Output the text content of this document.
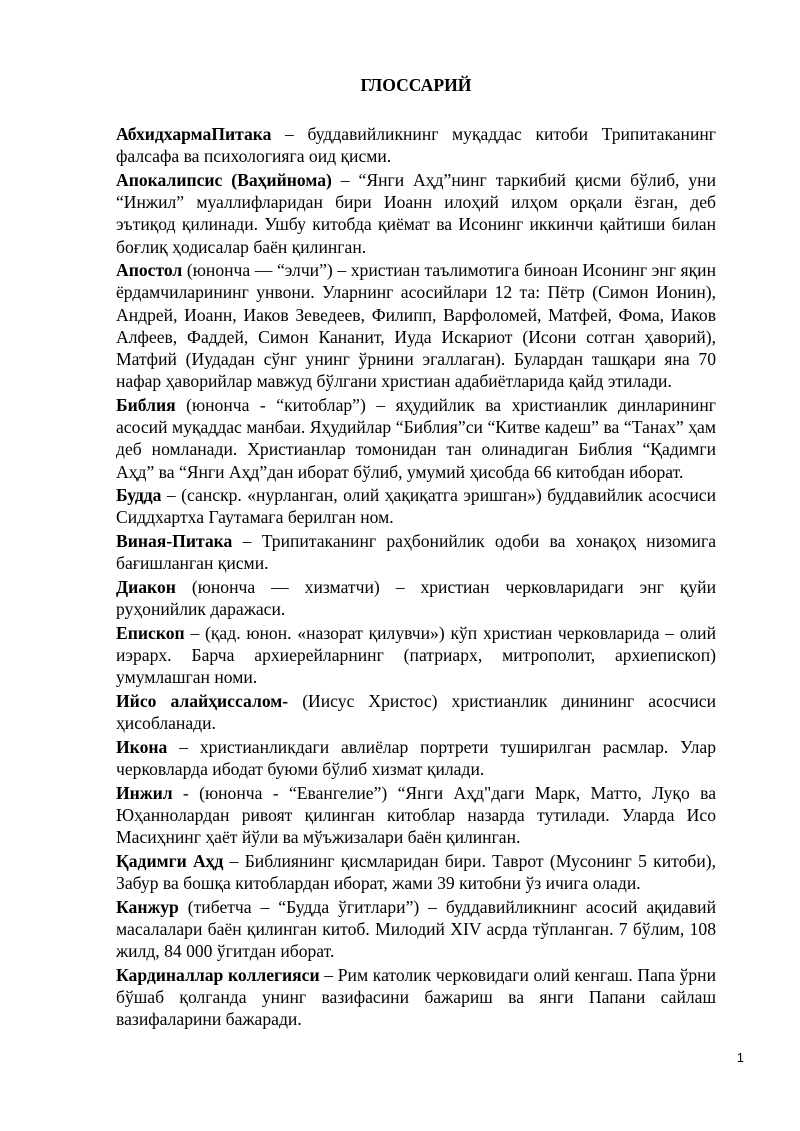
ГЛОССАРИЙ

АбхидхармаПитака – буддавийликнинг муқаддас китоби Трипитаканинг фалсафа ва психологияга оид қисми.

Апокалипсис (Ваҳийнома) – “Янги Аҳд”нинг таркибий қисми бўлиб, уни “Инжил” муаллифларидан бири Иоанн илоҳий илҳом орқали ёзган, деб эътиқод қилинади. Ушбу китобда қиёмат ва Исонинг иккинчи қайтиши билан боғлиқ ҳодисалар баён қилинган.

Апостол (юнонча — “элчи”) – христиан таълимотига биноан Исонинг энг яқин ёрдамчиларининг унвони. Уларнинг асосийлари 12 та: Пётр (Симон Ионин), Андрей, Иоанн, Иаков Зеведеев, Филипп, Варфоломей, Матфей, Фома, Иаков Алфеев, Фаддей, Симон Кананит, Иуда Искариот (Исони сотган ҳаворий), Матфий (Иудадан сўнг унинг ўрнини эгаллаган). Булардан ташқари яна 70 нафар ҳаворийлар мавжуд бўлгани христиан адабиётларида қайд этилади.

Библия (юнонча - “китоблар”) – яҳудийлик ва христианлик динларининг асосий муқаддас манбаи. Яҳудийлар “Библия”си “Китве кадеш” ва “Танах” ҳам деб номланади. Христианлар томонидан тан олинадиган Библия “Қадимги Аҳд” ва “Янги Аҳд”дан иборат бўлиб, умумий ҳисобда 66 китобдан иборат.

Будда – (санскр. «нурланган, олий ҳақиқатга эришган») буддавийлик асосчиси Сиддхартха Гаутамага берилган ном.

Виная-Питака – Трипитаканинг раҳбонийлик одоби ва хонақоҳ низомига бағишланган қисми.

Диакон (юнонча — хизматчи) – христиан черковларидаги энг қуйи руҳонийлик даражаси.

Епископ – (қад. юнон. «назорат қилувчи») кўп христиан черковларида – олий иэрарх. Барча архиерейларнинг (патриарх, митрополит, архиепископ) умумлашган номи.

Ийсо алайҳиссалом- (Иисус Христос) христианлик динининг асосчиси ҳисобланади.

Икона – христианликдаги авлиёлар портрети туширилган расмлар. Улар черковларда ибодат буюми бўлиб хизмат қилади.

Инжил - (юнонча - “Евангелие”) “Янги Аҳд"даги Марк, Матто, Луқо ва Юҳаннолардан ривоят қилинган китоблар назарда тутилади. Уларда Исо Масиҳнинг ҳаёт йўли ва мўъжизалари баён қилинган.

Қадимги Аҳд – Библиянинг қисмларидан бири. Таврот (Мусонинг 5 китоби), Забур ва бошқа китоблардан иборат, жами 39 китобни ўз ичига олади.

Канжур (тибетча – “Будда ўгитлари”) – буддавийликнинг асосий ақидавий масалалари баён қилинган китоб. Милодий XIV асрда тўпланган. 7 бўлим, 108 жилд, 84 000 ўгитдан иборат.

Кардиналлар коллегияси – Рим католик черковидаги олий кенгаш. Папа ўрни бўшаб қолганда унинг вазифасини бажариш ва янги Папани сайлаш вазифаларини бажаради.

1
